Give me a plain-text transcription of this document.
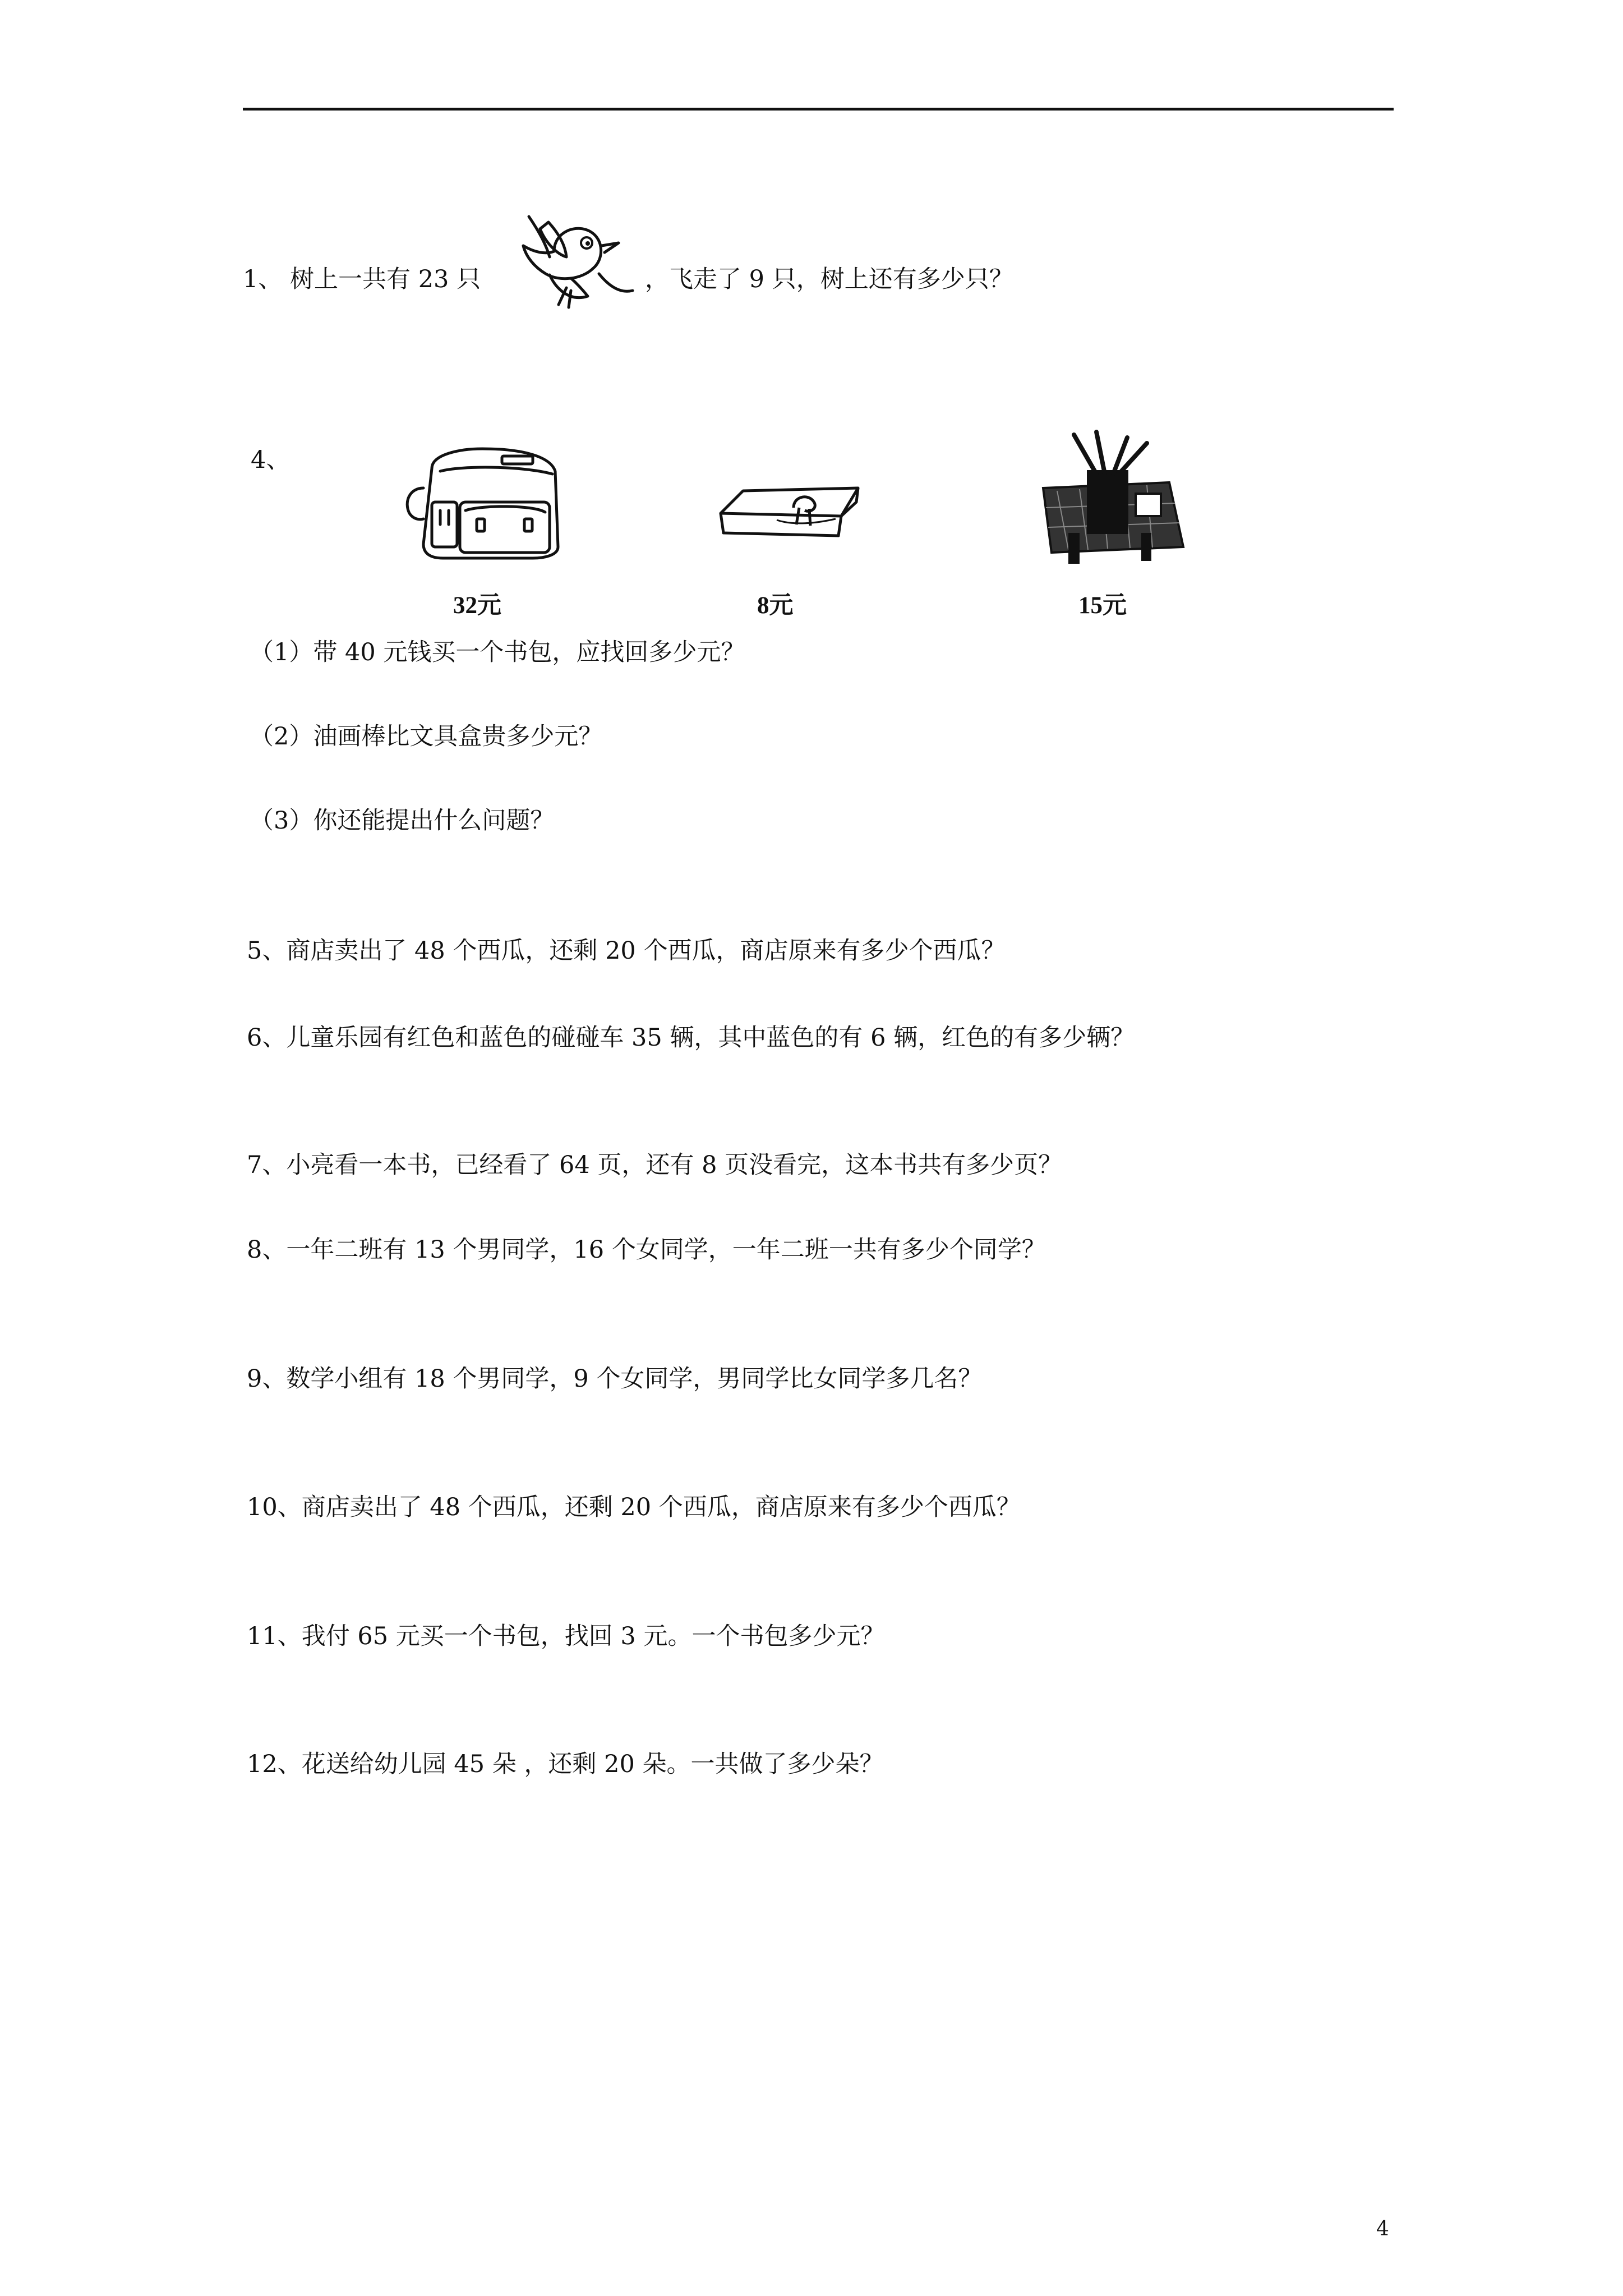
1、 树上一共有 23 只	，飞走了 9 只，树上还有多少只？
4、
32元	8元	15元
（1）带 40 元钱买一个书包，应找回多少元？
（2）油画棒比文具盒贵多少元？
（3）你还能提出什么问题？
5、商店卖出了 48 个西瓜，还剩 20 个西瓜，商店原来有多少个西瓜？
6、儿童乐园有红色和蓝色的碰碰车 35 辆，其中蓝色的有 6 辆，红色的有多少辆？
7、小亮看一本书，已经看了 64 页，还有 8 页没看完，这本书共有多少页？
8、一年二班有 13 个男同学，16 个女同学，一年二班一共有多少个同学？
9、数学小组有 18 个男同学，9 个女同学，男同学比女同学多几名？
10、商店卖出了 48 个西瓜，还剩 20 个西瓜，商店原来有多少个西瓜？
11、我付 65 元买一个书包，找回 3 元。一个书包多少元？
12、花送给幼儿园 45 朵 ，还剩 20 朵。一共做了多少朵？
4
